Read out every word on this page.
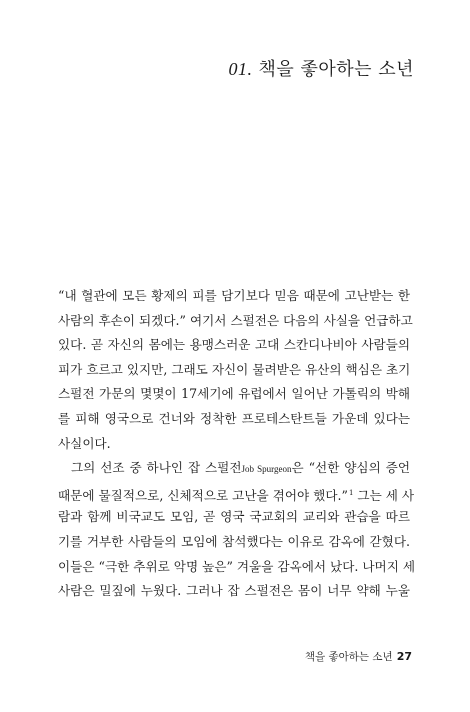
01. 책을 좋아하는 소년
“내 혈관에 모든 황제의 피를 담기보다 믿음 때문에 고난받는 한
사람의 후손이 되겠다.” 여기서 스펄전은 다음의 사실을 언급하고
있다. 곧 자신의 몸에는 용맹스러운 고대 스칸디나비아 사람들의
피가 흐르고 있지만, 그래도 자신이 물려받은 유산의 핵심은 초기
스펄전 가문의 몇몇이 17세기에 유럽에서 일어난 가톨릭의 박해
를 피해 영국으로 건너와 정착한 프로테스탄트들 가운데 있다는
사실이다.
그의 선조 중 하나인 잡 스펄전Job Spurgeon은 “선한 양심의 증언
때문에 물질적으로, 신체적으로 고난을 겪어야 했다.”$^1$ 그는 세 사
람과 함께 비국교도 모임, 곧 영국 국교회의 교리와 관습을 따르
기를 거부한 사람들의 모임에 참석했다는 이유로 감옥에 갇혔다.
이들은 “극한 추위로 악명 높은” 겨울을 감옥에서 났다. 나머지 세
사람은 밀짚에 누웠다. 그러나 잡 스펄전은 몸이 너무 약해 누울
책을 좋아하는 소년 27
